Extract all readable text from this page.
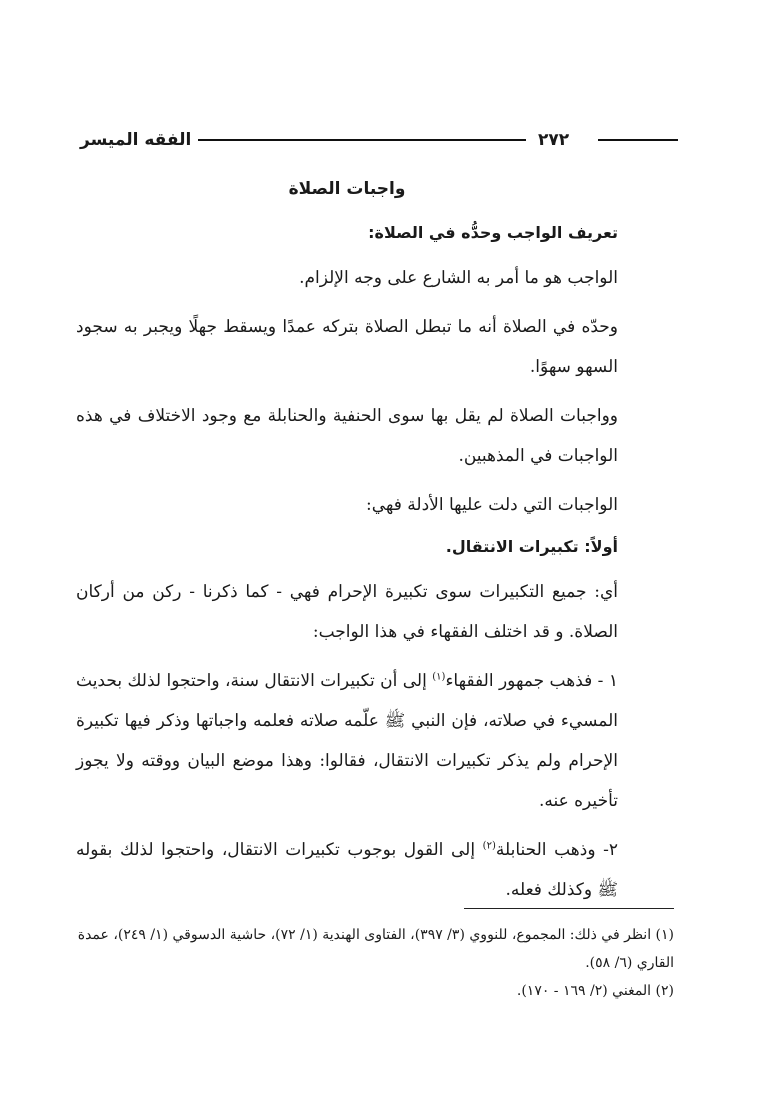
الفقه الميسر	٢٧٢
واجبات الصلاة
تعريف الواجب وحدُّه في الصلاة:

الواجب هو ما أمر به الشارع على وجه الإلزام.

وحدّه في الصلاة أنه ما تبطل الصلاة بتركه عمدًا ويسقط جهلًا ويجبر به سجود السهو سهوًا.

وواجبات الصلاة لم يقل بها سوى الحنفية والحنابلة مع وجود الاختلاف في هذه الواجبات في المذهبين.

الواجبات التي دلت عليها الأدلة فهي:

أولاً: تكبيرات الانتقال.

أي: جميع التكبيرات سوى تكبيرة الإحرام فهي - كما ذكرنا - ركن من أركان الصلاة. و قد اختلف الفقهاء في هذا الواجب:

١ - فذهب جمهور الفقهاء$^{(١)}$ إلى أن تكبيرات الانتقال سنة، واحتجوا لذلك بحديث المسيء في صلاته، فإن النبي ﷺ علّمه صلاته فعلمه واجباتها وذكر فيها تكبيرة الإحرام ولم يذكر تكبيرات الانتقال، فقالوا: وهذا موضع البيان ووقته ولا يجوز تأخيره عنه.

٢- وذهب الحنابلة$^{(٢)}$ إلى القول بوجوب تكبيرات الانتقال، واحتجوا لذلك بقوله ﷺ وكذلك فعله.

(١) انظر في ذلك: المجموع، للنووي (٣/ ٣٩٧)، الفتاوى الهندية (١/ ٧٢)، حاشية الدسوقي (١/ ٢٤٩)، عمدة القاري (٦/ ٥٨).

(٢) المغني (٢/ ١٦٩ - ١٧٠).
